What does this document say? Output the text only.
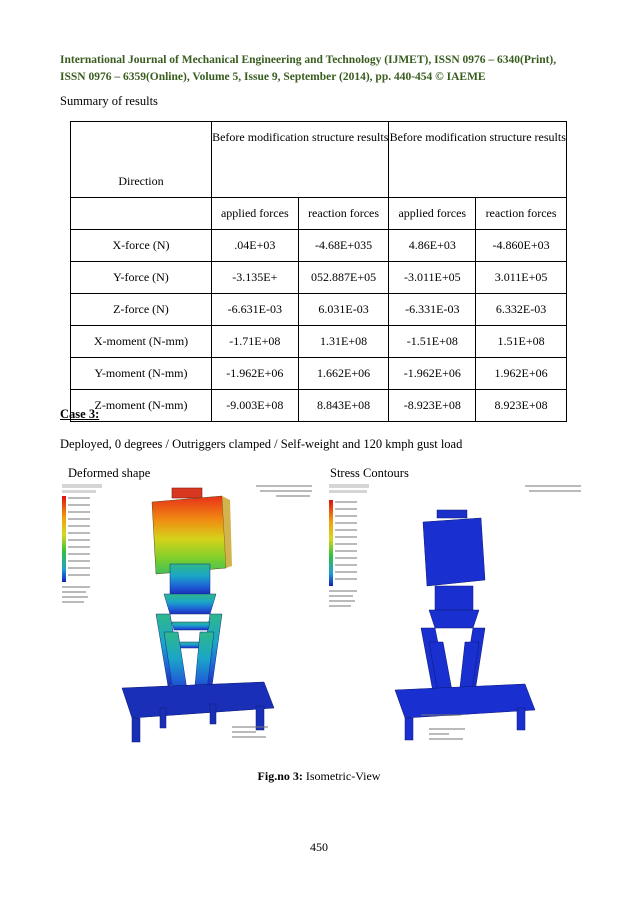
International Journal of Mechanical Engineering and Technology (IJMET), ISSN 0976 – 6340(Print),
ISSN 0976 – 6359(Online), Volume 5, Issue 9, September (2014), pp. 440-454 © IAEME
Summary of results
Direction	Before modification structure results		Before modification structure results	
	applied forces	reaction forces	applied forces	reaction forces
X-force (N)	.04E+03	-4.68E+035	4.86E+03	-4.860E+03
Y-force (N)	-3.135E+	052.887E+05	-3.011E+05	3.011E+05
Z-force (N)	-6.631E-03	6.031E-03	-6.331E-03	6.332E-03
X-moment (N-mm)	-1.71E+08	1.31E+08	-1.51E+08	1.51E+08
Y-moment (N-mm)	-1.962E+06	1.662E+06	-1.962E+06	1.962E+06
Z-moment (N-mm)	-9.003E+08	8.843E+08	-8.923E+08	8.923E+08
Case 3:
Deployed, 0 degrees / Outriggers clamped / Self-weight and 120 kmph gust load
Deformed shape	Stress Contours
Fig.no 3: Isometric-View
450
